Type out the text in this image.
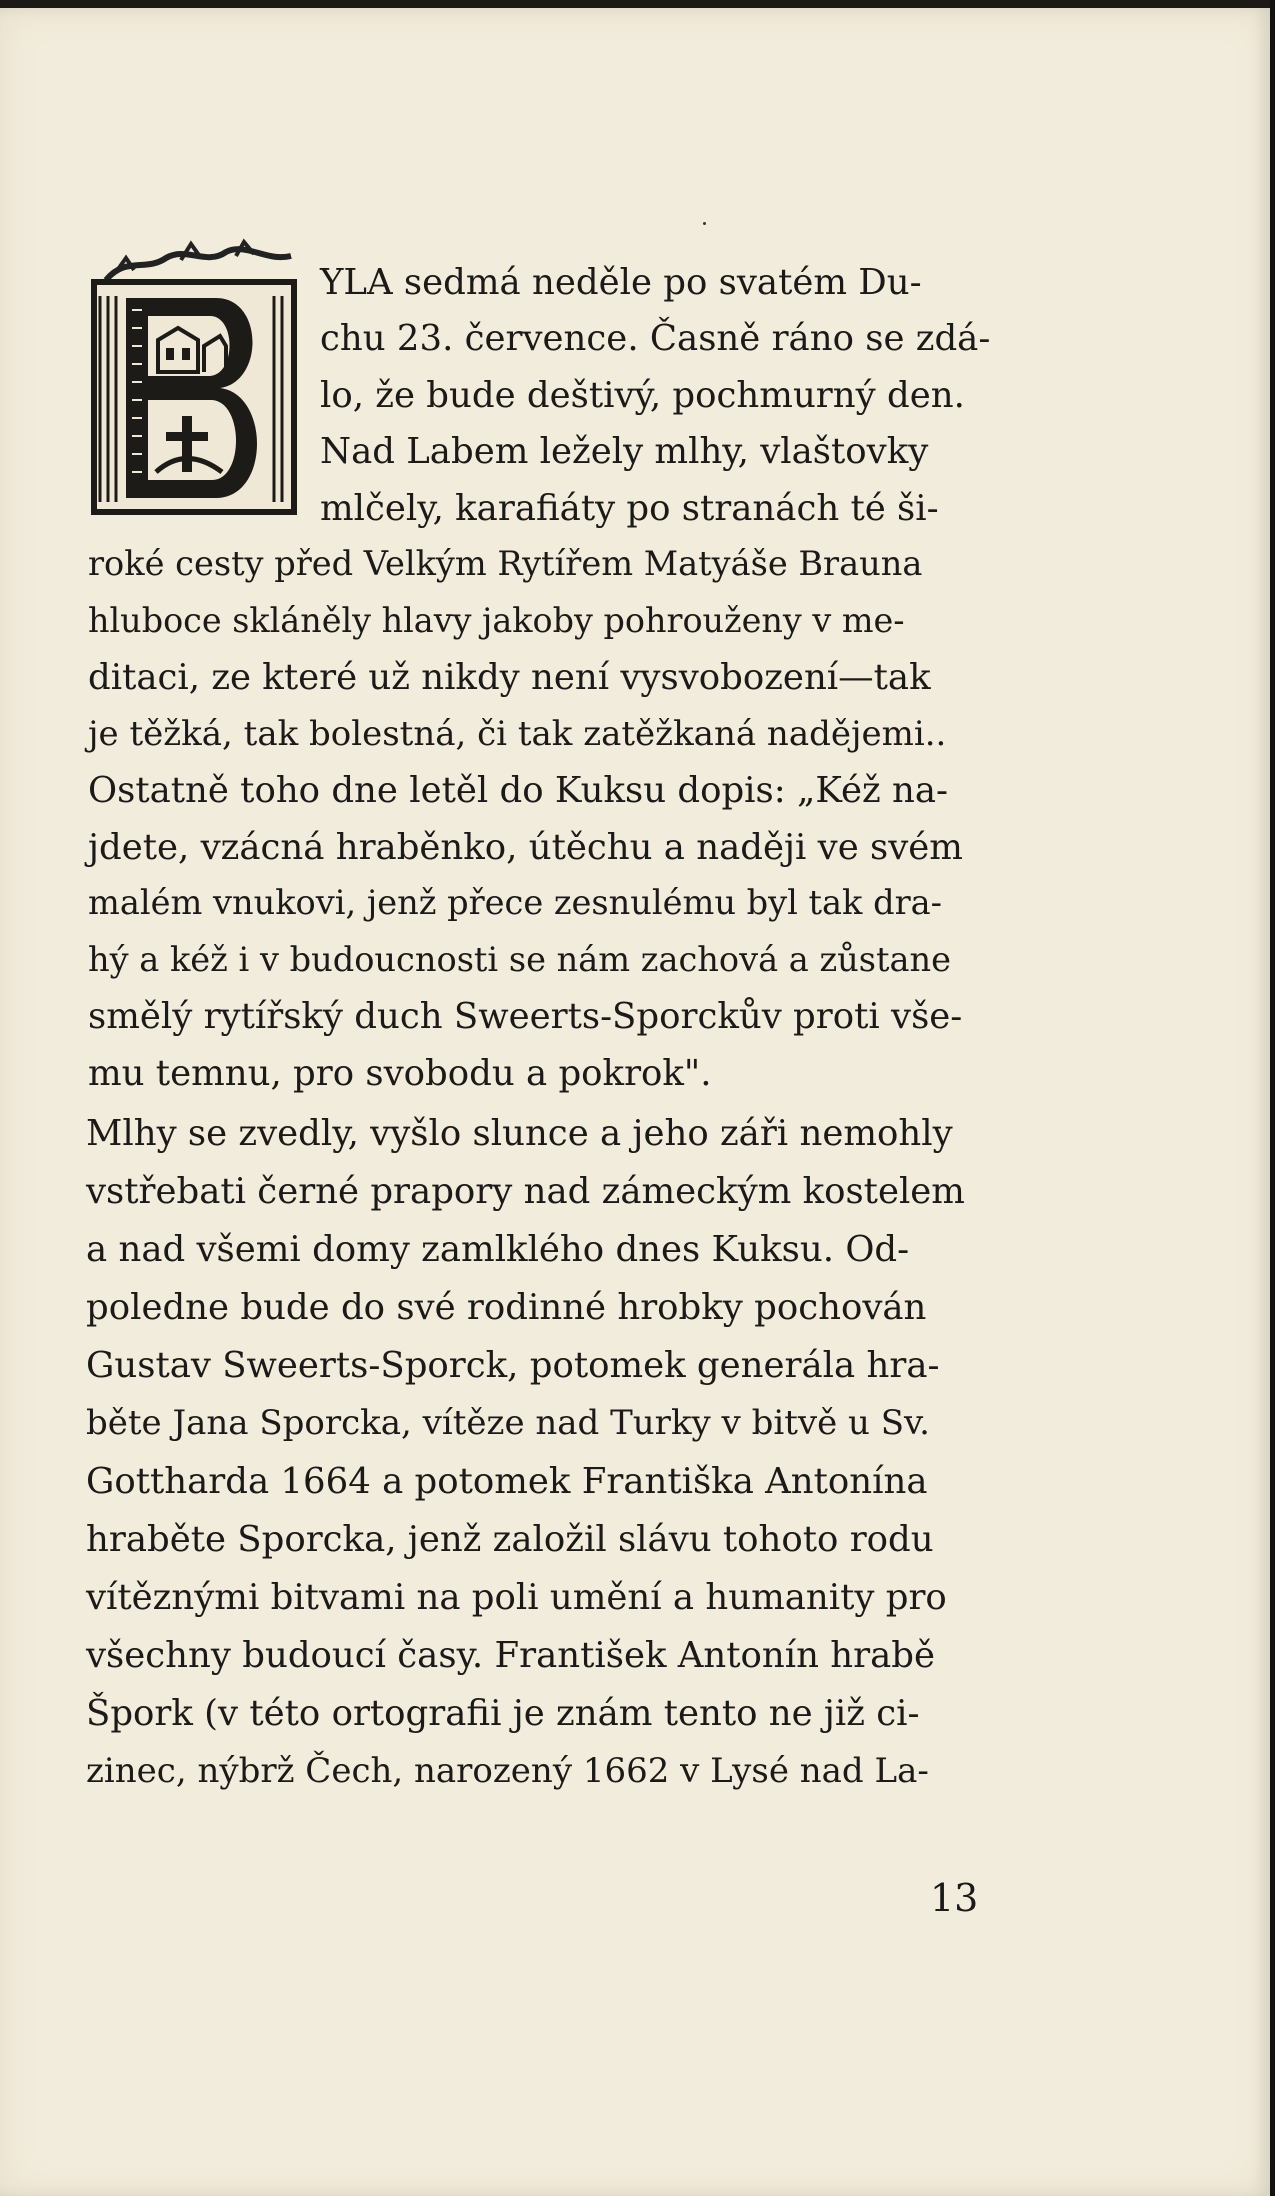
YLA sedmá neděle po svatém Du-

chu 23. července. Časně ráno se zdá-

lo, že bude deštivý, pochmurný den.

Nad Labem ležely mlhy, vlaštovky

mlčely, karafiáty po stranách té ši-

roké cesty před Velkým Rytířem Matyáše Brauna

hluboce skláněly hlavy jakoby pohrouženy v me-

ditaci, ze které už nikdy není vysvobození—tak

je těžká, tak bolestná, či tak zatěžkaná nadějemi..

Ostatně toho dne letěl do Kuksu dopis: „Kéž na-

jdete, vzácná hraběnko, útěchu a naději ve svém

malém vnukovi, jenž přece zesnulému byl tak dra-

hý a kéž i v budoucnosti se nám zachová a zůstane

smělý rytířský duch Sweerts-Sporckův proti vše-

mu temnu, pro svobodu a pokrok".

Mlhy se zvedly, vyšlo slunce a jeho záři nemohly

vstřebati černé prapory nad zámeckým kostelem

a nad všemi domy zamlklého dnes Kuksu. Od-

poledne bude do své rodinné hrobky pochován

Gustav Sweerts-Sporck, potomek generála hra-

běte Jana Sporcka, vítěze nad Turky v bitvě u Sv.

Gottharda 1664 a potomek Františka Antonína

hraběte Sporcka, jenž založil slávu tohoto rodu

vítěznými bitvami na poli umění a humanity pro

všechny budoucí časy. František Antonín hrabě

Špork (v této ortografii je znám tento ne již ci-

zinec, nýbrž Čech, narozený 1662 v Lysé nad La-

13
